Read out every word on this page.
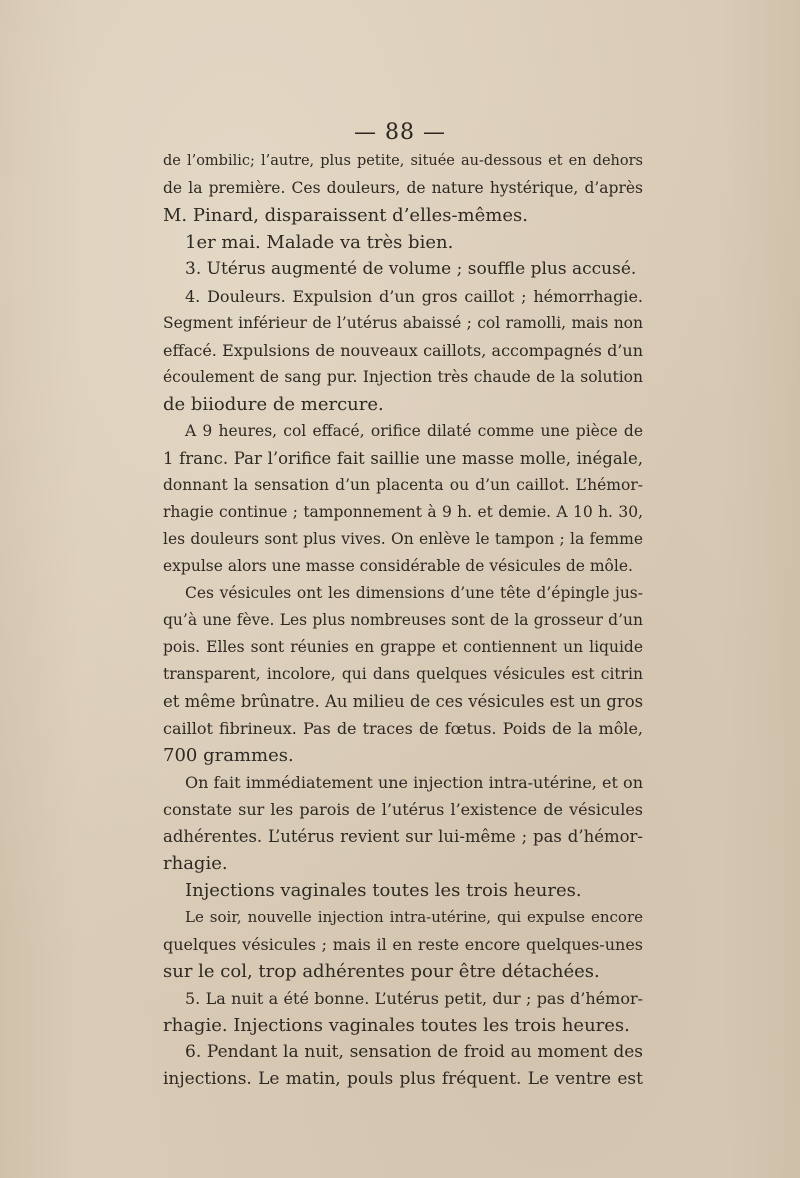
— 88 —
de l’ombilic; l’autre, plus petite, située au-dessous et en dehors
de la première. Ces douleurs, de nature hystérique, d’après
M. Pinard, disparaissent d’elles-mêmes.
1er mai. Malade va très bien.
3. Utérus augmenté de volume ; souffle plus accusé.
4. Douleurs. Expulsion d’un gros caillot ; hémorrhagie.
Segment inférieur de l’utérus abaissé ; col ramolli, mais non
effacé. Expulsions de nouveaux caillots, accompagnés d’un
écoulement de sang pur. Injection très chaude de la solution
de biiodure de mercure.
A 9 heures, col effacé, orifice dilaté comme une pièce de
1 franc. Par l’orifice fait saillie une masse molle, inégale,
donnant la sensation d’un placenta ou d’un caillot. L’hémor-
rhagie continue ; tamponnement à 9 h. et demie. A 10 h. 30,
les douleurs sont plus vives. On enlève le tampon ; la femme
expulse alors une masse considérable de vésicules de môle.
Ces vésicules ont les dimensions d’une tête d’épingle jus-
qu’à une fève. Les plus nombreuses sont de la grosseur d’un
pois. Elles sont réunies en grappe et contiennent un liquide
transparent, incolore, qui dans quelques vésicules est citrin
et même brûnatre. Au milieu de ces vésicules est un gros
caillot fibrineux. Pas de traces de fœtus. Poids de la môle,
700 grammes.
On fait immédiatement une injection intra-utérine, et on
constate sur les parois de l’utérus l’existence de vésicules
adhérentes. L’utérus revient sur lui-même ; pas d’hémor-
rhagie.
Injections vaginales toutes les trois heures.
Le soir, nouvelle injection intra-utérine, qui expulse encore
quelques vésicules ; mais il en reste encore quelques-unes
sur le col, trop adhérentes pour être détachées.
5. La nuit a été bonne. L’utérus petit, dur ; pas d’hémor-
rhagie. Injections vaginales toutes les trois heures.
6. Pendant la nuit, sensation de froid au moment des
injections. Le matin, pouls plus fréquent. Le ventre est
